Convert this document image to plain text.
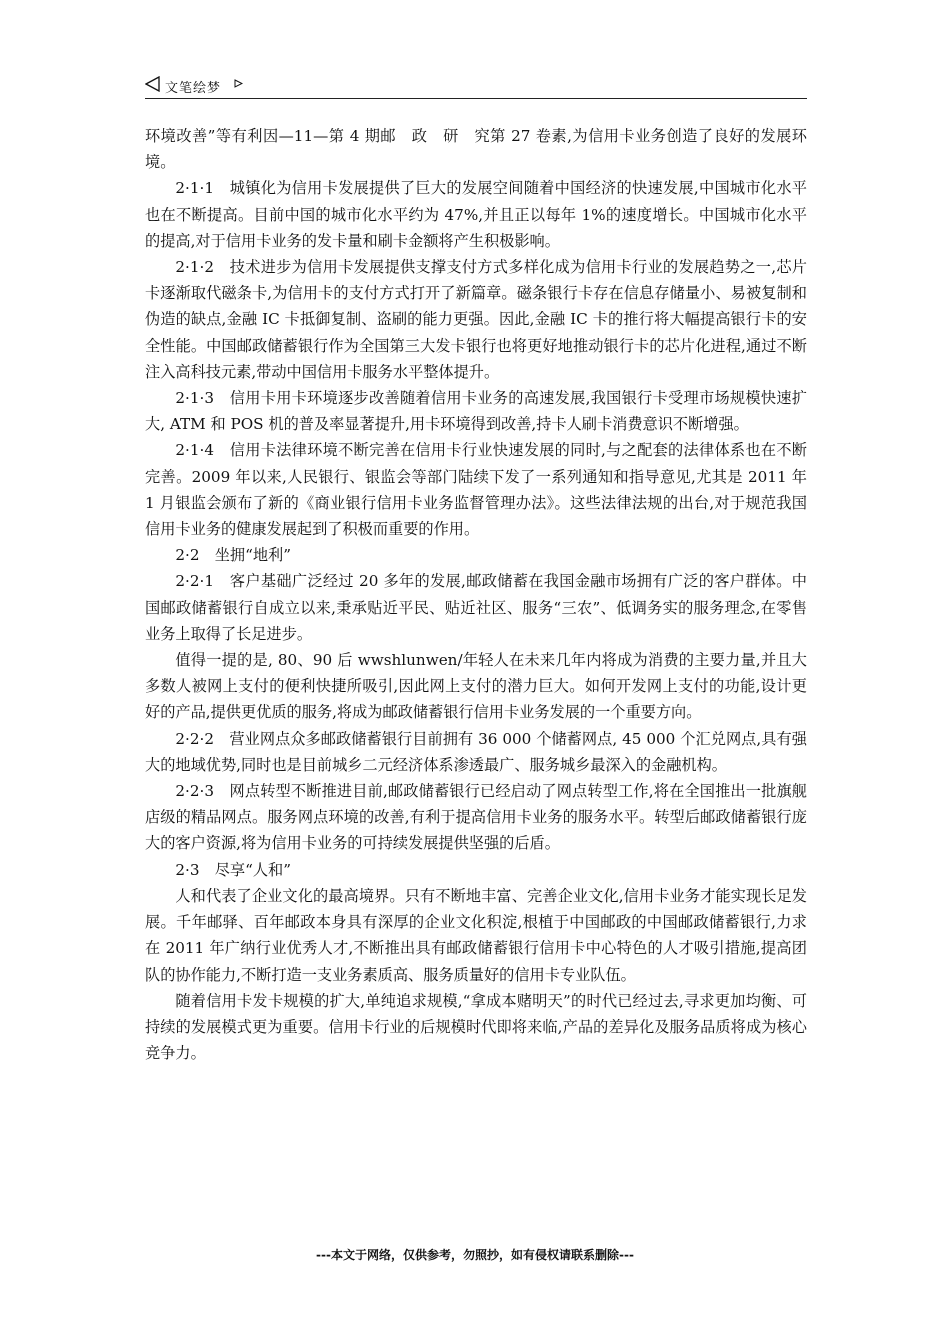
文笔绘梦

环境改善”等有利因—11—第 4 期邮　政　研　究第 27 卷素,为信用卡业务创造了良好的发展环境。

2·1·1　城镇化为信用卡发展提供了巨大的发展空间随着中国经济的快速发展,中国城市化水平也在不断提高。目前中国的城市化水平约为 47%,并且正以每年 1%的速度增长。中国城市化水平的提高,对于信用卡业务的发卡量和刷卡金额将产生积极影响。

2·1·2　技术进步为信用卡发展提供支撑支付方式多样化成为信用卡行业的发展趋势之一,芯片卡逐渐取代磁条卡,为信用卡的支付方式打开了新篇章。磁条银行卡存在信息存储量小、易被复制和伪造的缺点,金融 IC 卡抵御复制、盗刷的能力更强。因此,金融 IC 卡的推行将大幅提高银行卡的安全性能。中国邮政储蓄银行作为全国第三大发卡银行也将更好地推动银行卡的芯片化进程,通过不断注入高科技元素,带动中国信用卡服务水平整体提升。

2·1·3　信用卡用卡环境逐步改善随着信用卡业务的高速发展,我国银行卡受理市场规模快速扩大, ATM 和 POS 机的普及率显著提升,用卡环境得到改善,持卡人刷卡消费意识不断增强。

2·1·4　信用卡法律环境不断完善在信用卡行业快速发展的同时,与之配套的法律体系也在不断完善。2009 年以来,人民银行、银监会等部门陆续下发了一系列通知和指导意见,尤其是 2011 年 1 月银监会颁布了新的《商业银行信用卡业务监督管理办法》。这些法律法规的出台,对于规范我国信用卡业务的健康发展起到了积极而重要的作用。

2·2　坐拥“地利”

2·2·1　客户基础广泛经过 20 多年的发展,邮政储蓄在我国金融市场拥有广泛的客户群体。中国邮政储蓄银行自成立以来,秉承贴近平民、贴近社区、服务“三农”、低调务实的服务理念,在零售业务上取得了长足进步。

值得一提的是, 80、90 后 wwshlunwen/年轻人在未来几年内将成为消费的主要力量,并且大多数人被网上支付的便利快捷所吸引,因此网上支付的潜力巨大。如何开发网上支付的功能,设计更好的产品,提供更优质的服务,将成为邮政储蓄银行信用卡业务发展的一个重要方向。

2·2·2　营业网点众多邮政储蓄银行目前拥有 36 000 个储蓄网点, 45 000 个汇兑网点,具有强大的地域优势,同时也是目前城乡二元经济体系渗透最广、服务城乡最深入的金融机构。

2·2·3　网点转型不断推进目前,邮政储蓄银行已经启动了网点转型工作,将在全国推出一批旗舰店级的精品网点。服务网点环境的改善,有利于提高信用卡业务的服务水平。转型后邮政储蓄银行庞大的客户资源,将为信用卡业务的可持续发展提供坚强的后盾。

2·3　尽享“人和”

人和代表了企业文化的最高境界。只有不断地丰富、完善企业文化,信用卡业务才能实现长足发展。千年邮驿、百年邮政本身具有深厚的企业文化积淀,根植于中国邮政的中国邮政储蓄银行,力求在 2011 年广纳行业优秀人才,不断推出具有邮政储蓄银行信用卡中心特色的人才吸引措施,提高团队的协作能力,不断打造一支业务素质高、服务质量好的信用卡专业队伍。

随着信用卡发卡规模的扩大,单纯追求规模,“拿成本赌明天”的时代已经过去,寻求更加均衡、可持续的发展模式更为重要。信用卡行业的后规模时代即将来临,产品的差异化及服务品质将成为核心竞争力。

---本文于网络，仅供参考，勿照抄，如有侵权请联系删除---
